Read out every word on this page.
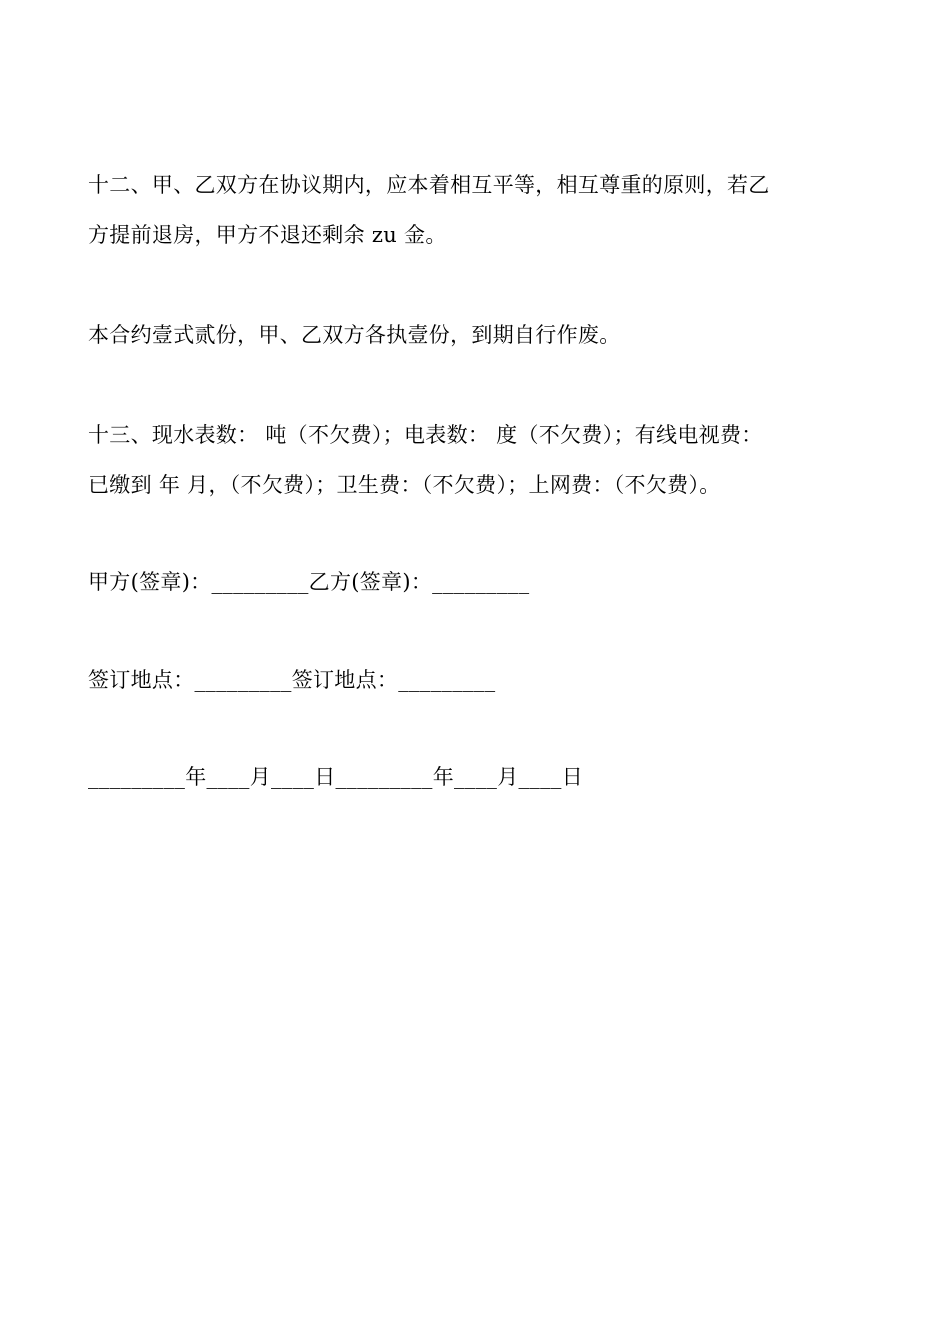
十二、甲、乙双方在协议期内，应本着相互平等，相互尊重的原则，若乙
方提前退房，甲方不退还剩余 zu 金。
本合约壹式贰份，甲、乙双方各执壹份，到期自行作废。
十三、现水表数： 吨（不欠费）；电表数： 度（不欠费）；有线电视费：
已缴到 年 月，（不欠费）；卫生费：（不欠费）；上网费：（不欠费）。
甲方(签章)：_________乙方(签章)：_________
签订地点：_________签订地点：_________
_________年____月____日_________年____月____日
